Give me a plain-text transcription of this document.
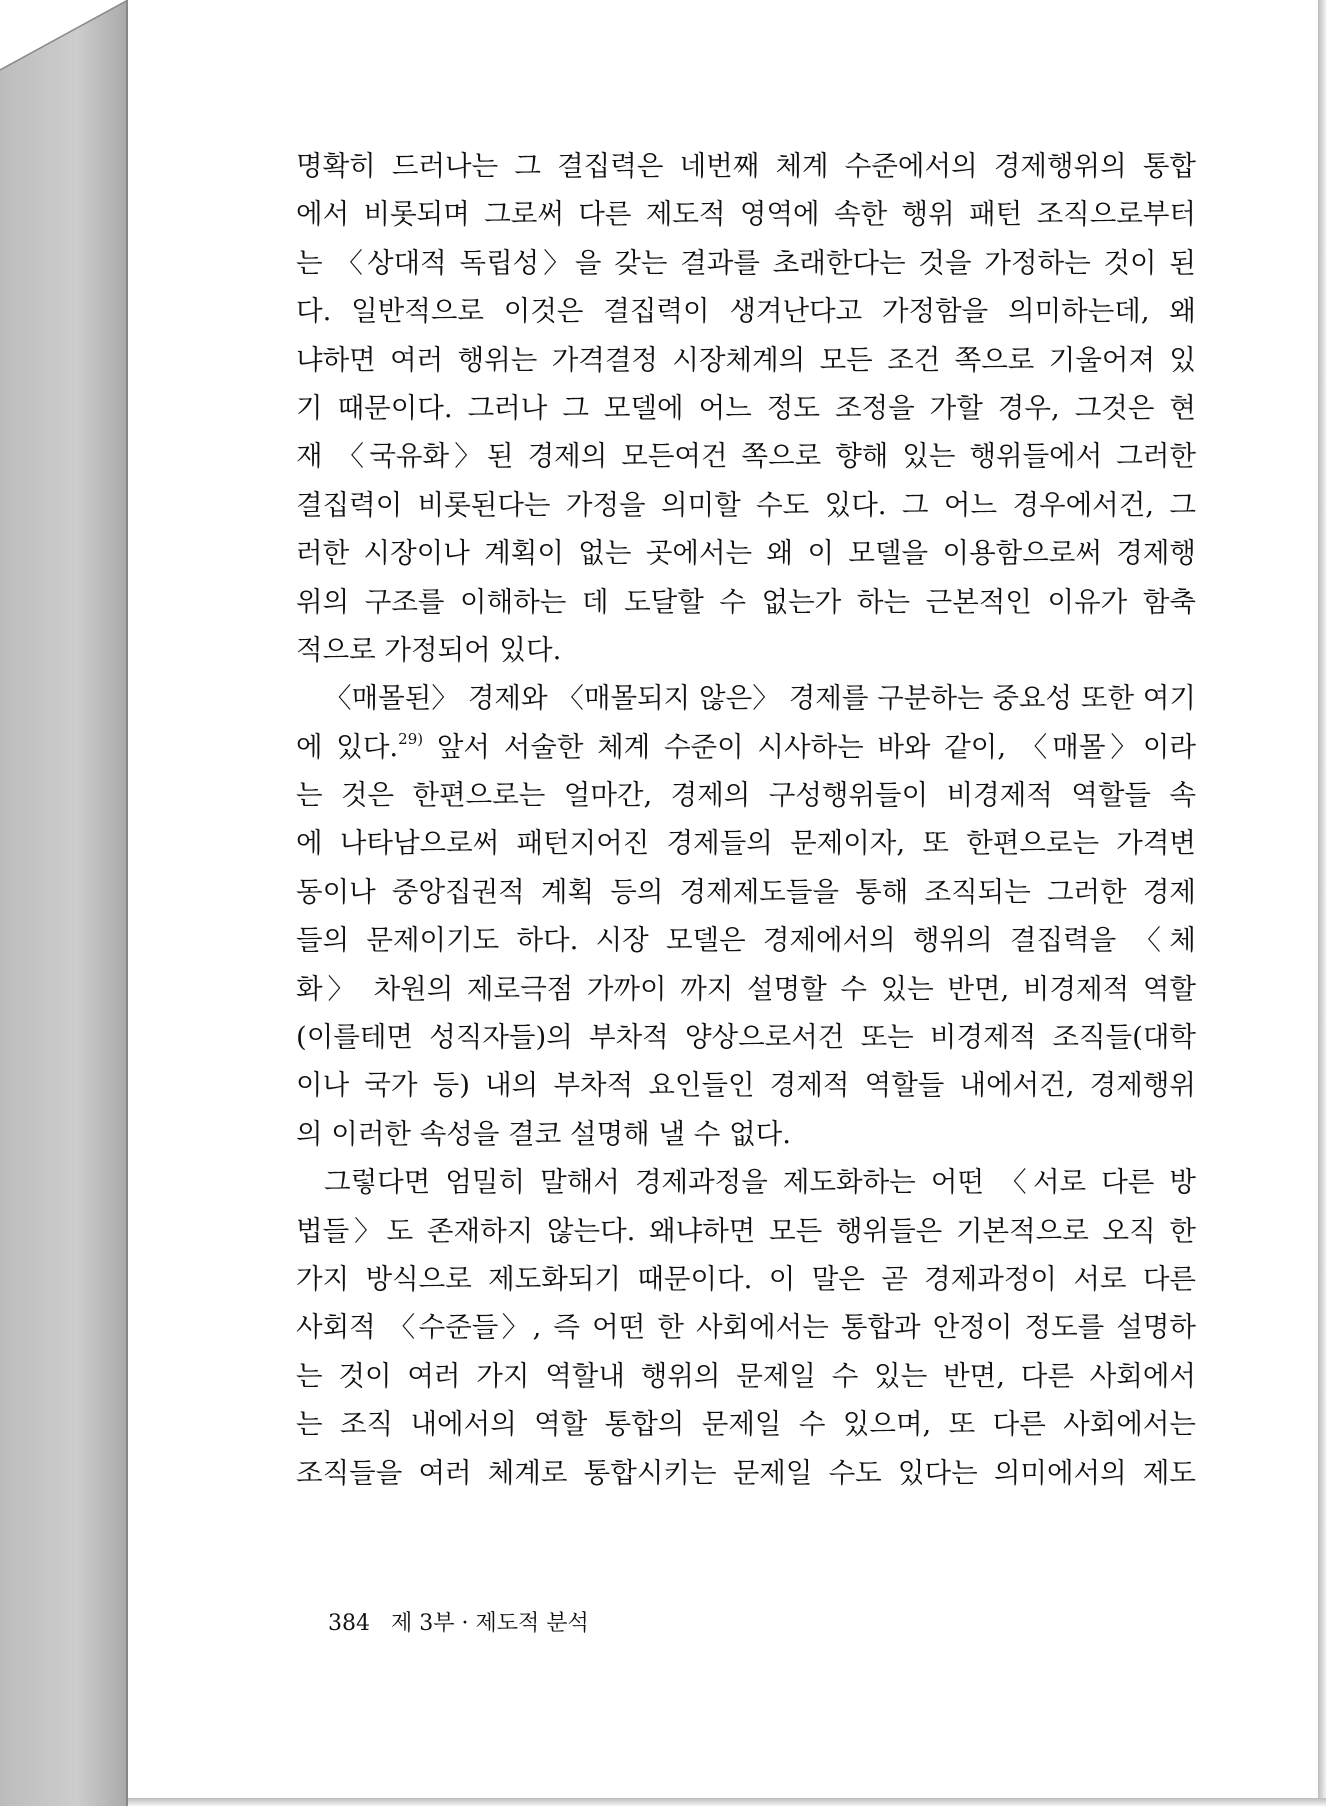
명확히 드러나는 그 결집력은 네번째 체계 수준에서의 경제행위의 통합
에서 비롯되며 그로써 다른 제도적 영역에 속한 행위 패턴 조직으로부터
는 〈상대적 독립성〉을 갖는 결과를 초래한다는 것을 가정하는 것이 된
다. 일반적으로 이것은 결집력이 생겨난다고 가정함을 의미하는데, 왜
냐하면 여러 행위는 가격결정 시장체계의 모든 조건 쪽으로 기울어져 있
기 때문이다. 그러나 그 모델에 어느 정도 조정을 가할 경우, 그것은 현
재 〈국유화〉된 경제의 모든여건 쪽으로 향해 있는 행위들에서 그러한
결집력이 비롯된다는 가정을 의미할 수도 있다. 그 어느 경우에서건, 그
러한 시장이나 계획이 없는 곳에서는 왜 이 모델을 이용함으로써 경제행
위의 구조를 이해하는 데 도달할 수 없는가 하는 근본적인 이유가 함축
적으로 가정되어 있다.
〈매몰된〉 경제와 〈매몰되지 않은〉 경제를 구분하는 중요성 또한 여기
에 있다.$^{29)}$ 앞서 서술한 체계 수준이 시사하는 바와 같이, 〈매몰〉이라
는 것은 한편으로는 얼마간, 경제의 구성행위들이 비경제적 역할들 속
에 나타남으로써 패턴지어진 경제들의 문제이자, 또 한편으로는 가격변
동이나 중앙집권적 계획 등의 경제제도들을 통해 조직되는 그러한 경제
들의 문제이기도 하다. 시장 모델은 경제에서의 행위의 결집력을 〈체
화〉 차원의 제로극점 가까이 까지 설명할 수 있는 반면, 비경제적 역할
(이를테면 성직자들)의 부차적 양상으로서건 또는 비경제적 조직들(대학
이나 국가 등) 내의 부차적 요인들인 경제적 역할들 내에서건, 경제행위
의 이러한 속성을 결코 설명해 낼 수 없다.
그렇다면 엄밀히 말해서 경제과정을 제도화하는 어떤 〈서로 다른 방
법들〉도 존재하지 않는다. 왜냐하면 모든 행위들은 기본적으로 오직 한
가지 방식으로 제도화되기 때문이다. 이 말은 곧 경제과정이 서로 다른
사회적 〈수준들〉, 즉 어떤 한 사회에서는 통합과 안정이 정도를 설명하
는 것이 여러 가지 역할내 행위의 문제일 수 있는 반면, 다른 사회에서
는 조직 내에서의 역할 통합의 문제일 수 있으며, 또 다른 사회에서는
조직들을 여러 체계로 통합시키는 문제일 수도 있다는 의미에서의 제도
384 제 3부 · 제도적 분석
